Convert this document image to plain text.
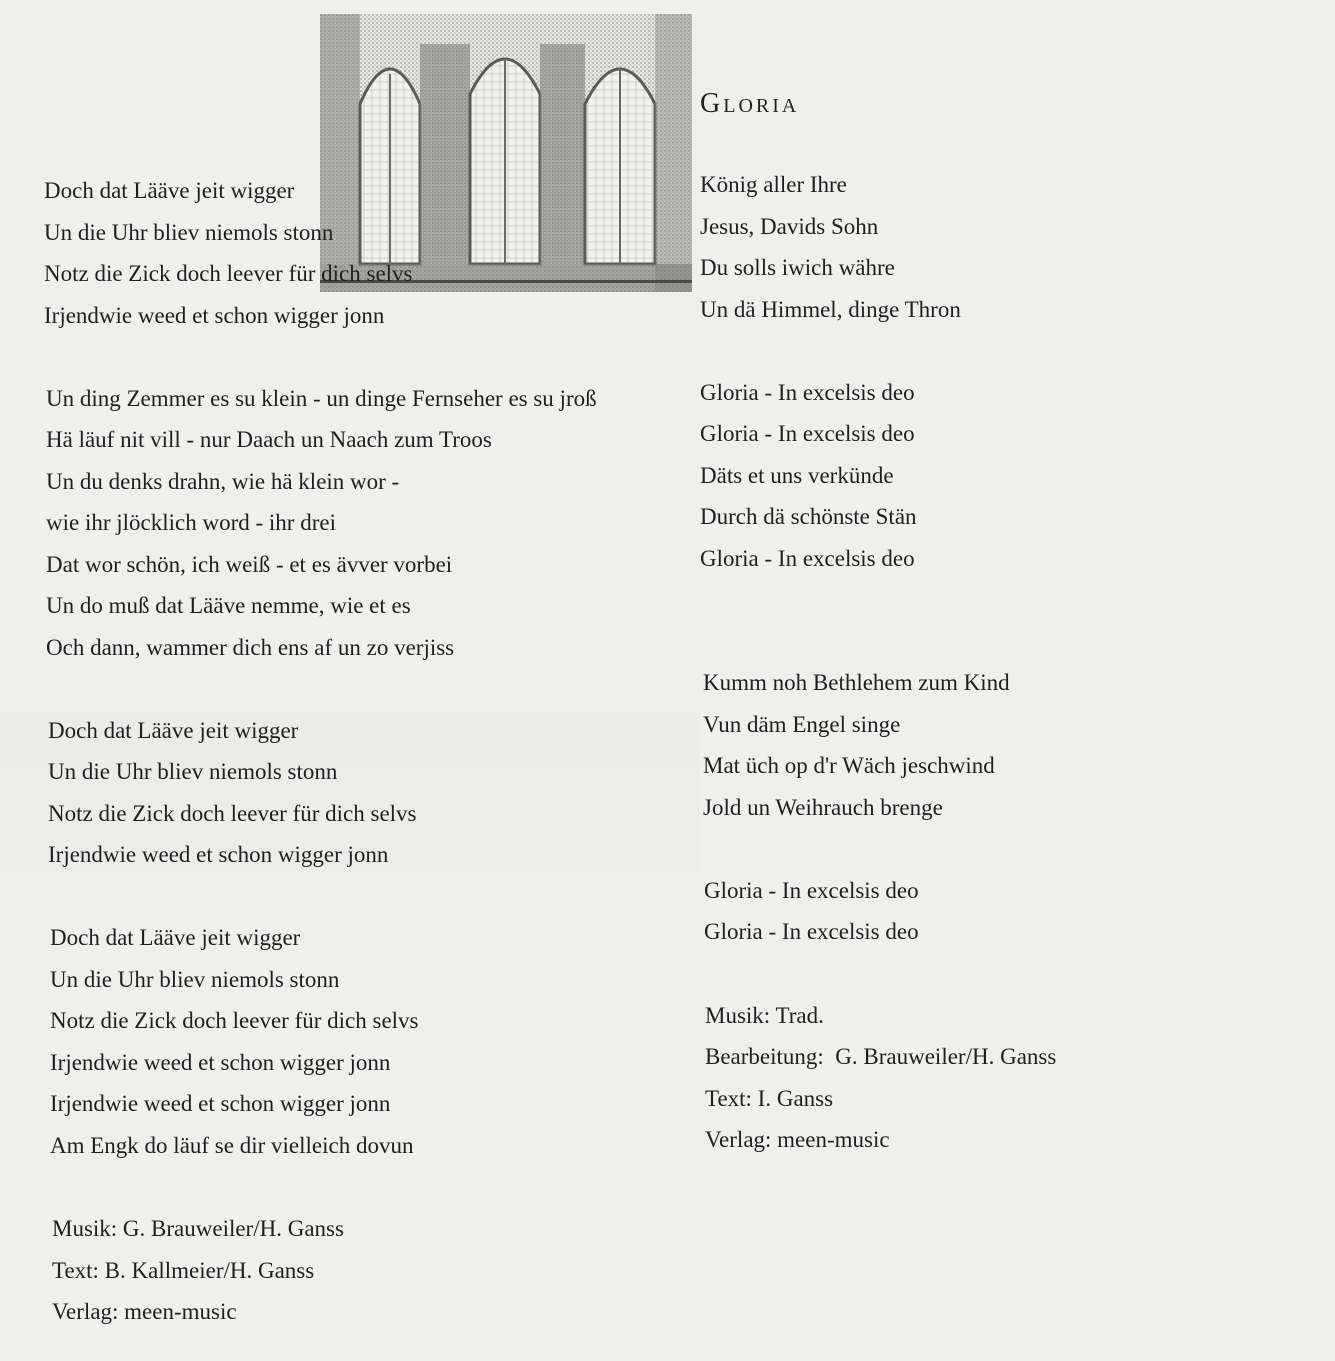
Doch dat Lääve jeit wigger
Un die Uhr bliev niemols stonn
Notz die Zick doch leever für dich selvs
Irjendwie weed et schon wigger jonn
Un ding Zemmer es su klein - un dinge Fernseher es su jroß
Hä läuf nit vill - nur Daach un Naach zum Troos
Un du denks drahn, wie hä klein wor -
wie ihr jlöcklich word - ihr drei
Dat wor schön, ich weiß - et es ävver vorbei
Un do muß dat Lääve nemme, wie et es
Och dann, wammer dich ens af un zo verjiss
Doch dat Lääve jeit wigger
Un die Uhr bliev niemols stonn
Notz die Zick doch leever für dich selvs
Irjendwie weed et schon wigger jonn
Doch dat Lääve jeit wigger
Un die Uhr bliev niemols stonn
Notz die Zick doch leever für dich selvs
Irjendwie weed et schon wigger jonn
Irjendwie weed et schon wigger jonn
Am Engk do läuf se dir vielleich dovun
Musik: G. Brauweiler/H. Ganss
Text: B. Kallmeier/H. Ganss
Verlag: meen-music
Gloria
König aller Ihre
Jesus, Davids Sohn
Du solls iwich währe
Un dä Himmel, dinge Thron
Gloria - In excelsis deo
Gloria - In excelsis deo
Däts et uns verkünde
Durch dä schönste Stän
Gloria - In excelsis deo
Kumm noh Bethlehem zum Kind
Vun däm Engel singe
Mat üch op d'r Wäch jeschwind
Jold un Weihrauch brenge
Gloria - In excelsis deo
Gloria - In excelsis deo
Musik: Trad.
Bearbeitung:  G. Brauweiler/H. Ganss
Text: I. Ganss
Verlag: meen-music
